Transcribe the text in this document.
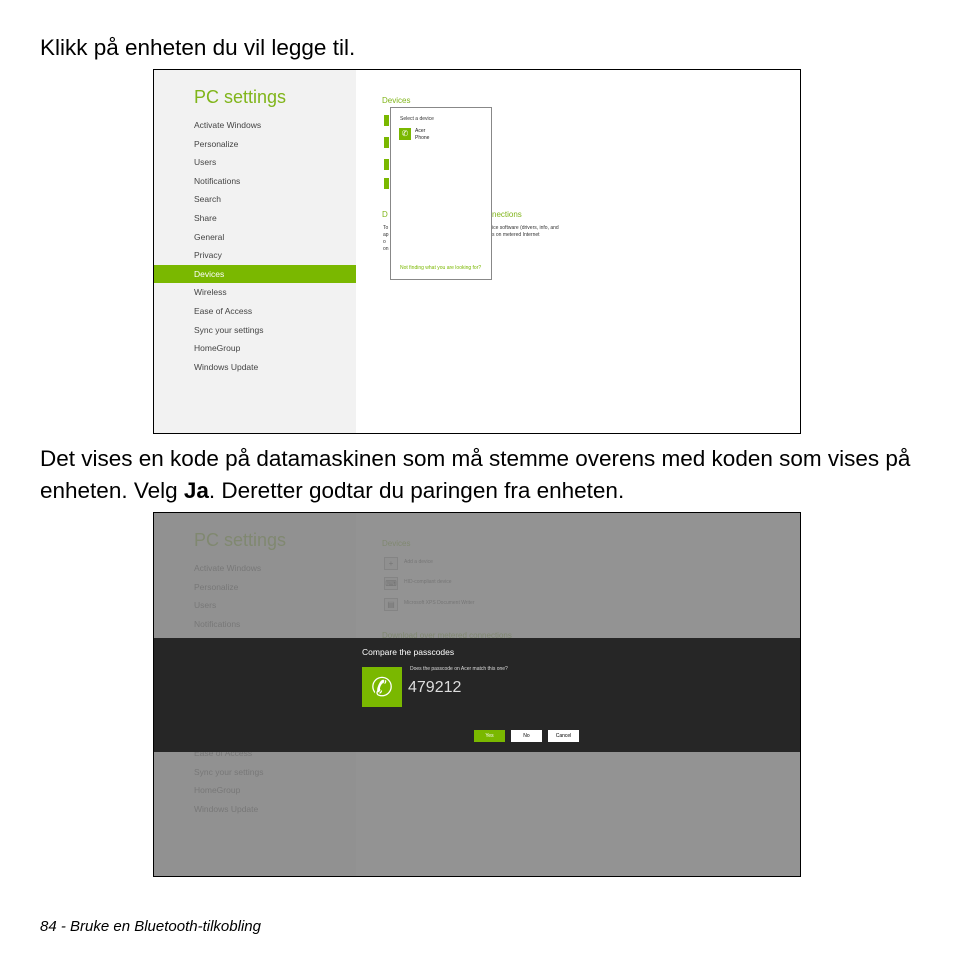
Klikk på enheten du vil legge til.

PC settings
Activate Windows
Personalize
Users
Notifications
Search
Share
General
Privacy
Devices
Wireless
Ease of Access
Sync your settings
HomeGroup
Windows Update
Devices
D	nections
To
ap
o
on
ice software (drivers, info, and
s on metered Internet
Select a device
✆	Acer
Phone
Not finding what you are looking for?

Det vises en kode på datamaskinen som må stemme overens med koden som vises på enheten. Velg Ja. Deretter godtar du paringen fra enheten.

Compare the passcodes
✆
Does the passcode on Acer match this one?
479212
Yes	No	Cancel
84 - Bruke en Bluetooth-tilkobling
